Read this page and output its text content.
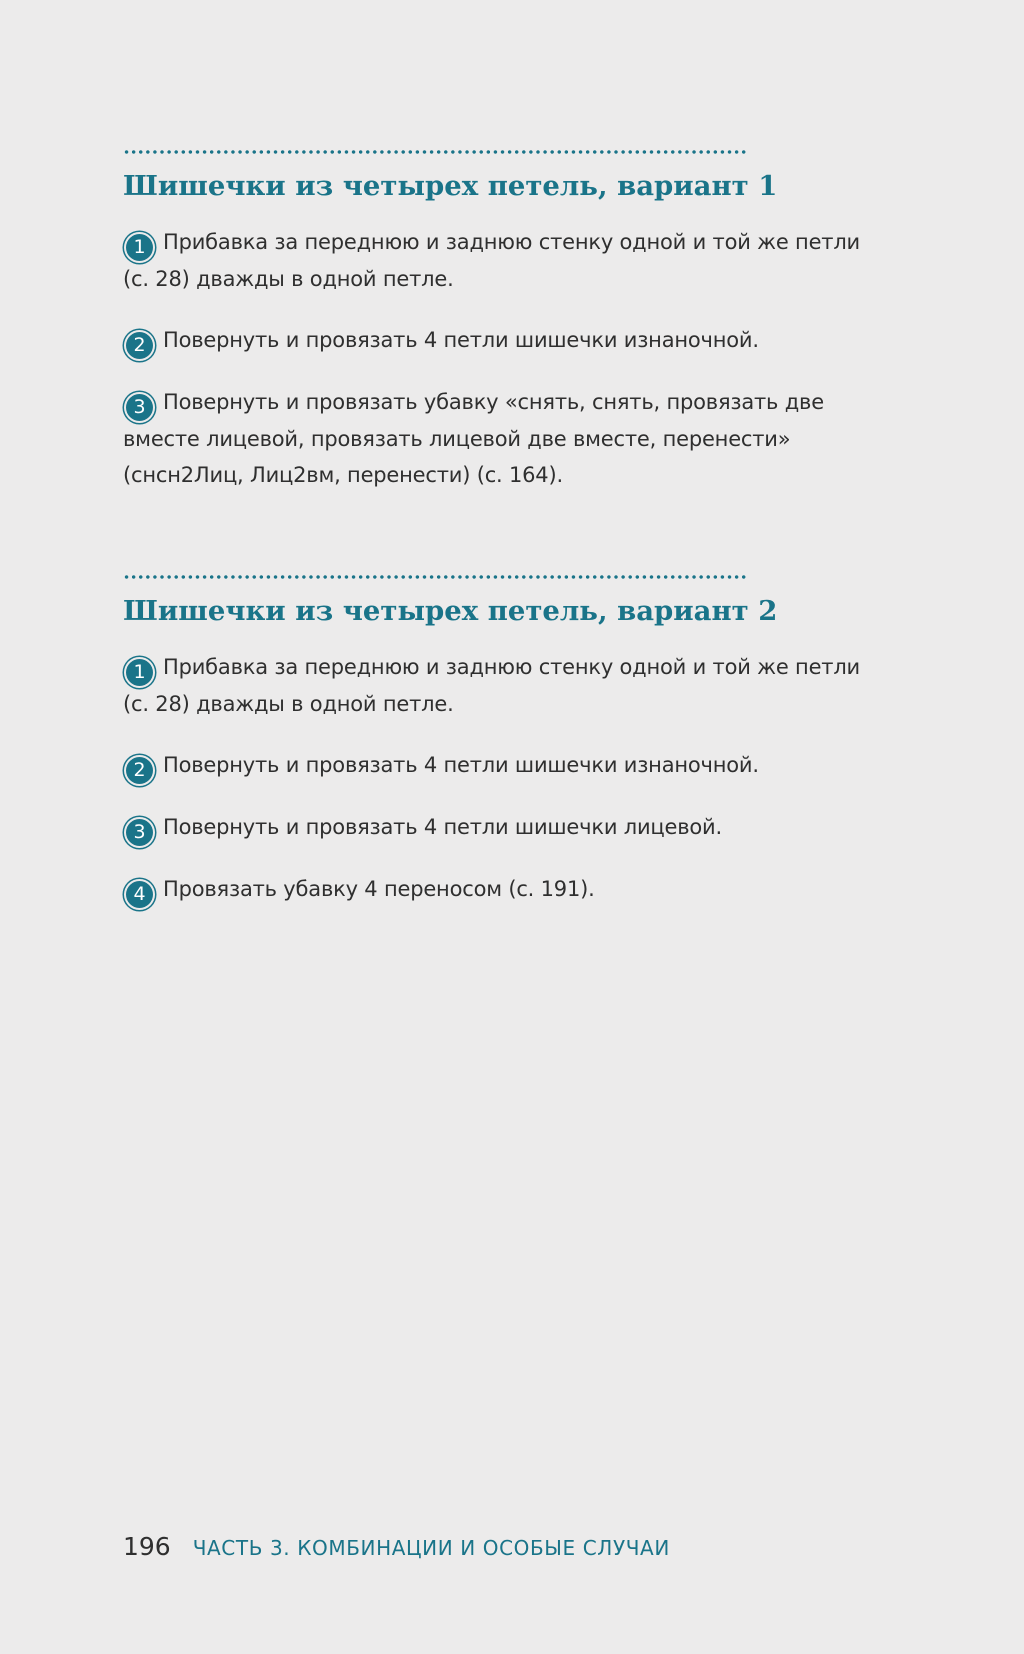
Шишечки из четырех петель, вариант 1
1 Прибавка за переднюю и заднюю стенку одной и той же петли (с. 28) дважды в одной петле.
2 Повернуть и провязать 4 петли шишечки изнаночной.
3 Повернуть и провязать убавку «снять, снять, провязать две вместе лицевой, провязать лицевой две вместе, перенести» (снсн2Лиц, Лиц2вм, перенести) (с. 164).
Шишечки из четырех петель, вариант 2
1 Прибавка за переднюю и заднюю стенку одной и той же петли (с. 28) дважды в одной петле.
2 Повернуть и провязать 4 петли шишечки изнаночной.
3 Повернуть и провязать 4 петли шишечки лицевой.
4 Провязать убавку 4 переносом (с. 191).
196 ЧАСТЬ 3. КОМБИНАЦИИ И ОСОБЫЕ СЛУЧАИ
